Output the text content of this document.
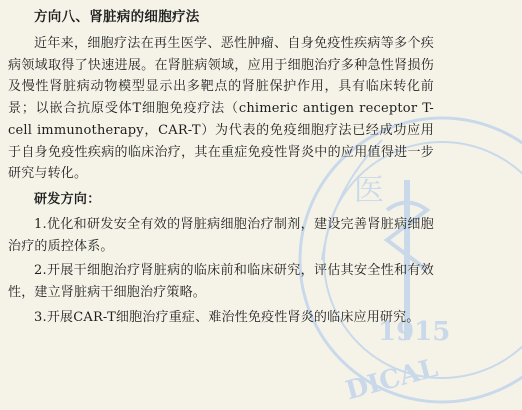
医
1915
DICAL
方向八、肾脏病的细胞疗法

近年来，细胞疗法在再生医学、恶性肿瘤、自身免疫性疾病等多个疾病领域取得了快速进展。在肾脏病领域，应用于细胞治疗多种急性肾损伤及慢性肾脏病动物模型显示出多靶点的肾脏保护作用，具有临床转化前景；以嵌合抗原受体T细胞免疫疗法（chimeric antigen receptor T-cell immunotherapy，CAR-T）为代表的免疫细胞疗法已经成功应用于自身免疫性疾病的临床治疗，其在重症免疫性肾炎中的应用值得进一步研究与转化。

研发方向：
1.优化和研发安全有效的肾脏病细胞治疗制剂，建设完善肾脏病细胞治疗的质控体系。
2.开展干细胞治疗肾脏病的临床前和临床研究，评估其安全性和有效性，建立肾脏病干细胞治疗策略。
3.开展CAR-T细胞治疗重症、难治性免疫性肾炎的临床应用研究。
